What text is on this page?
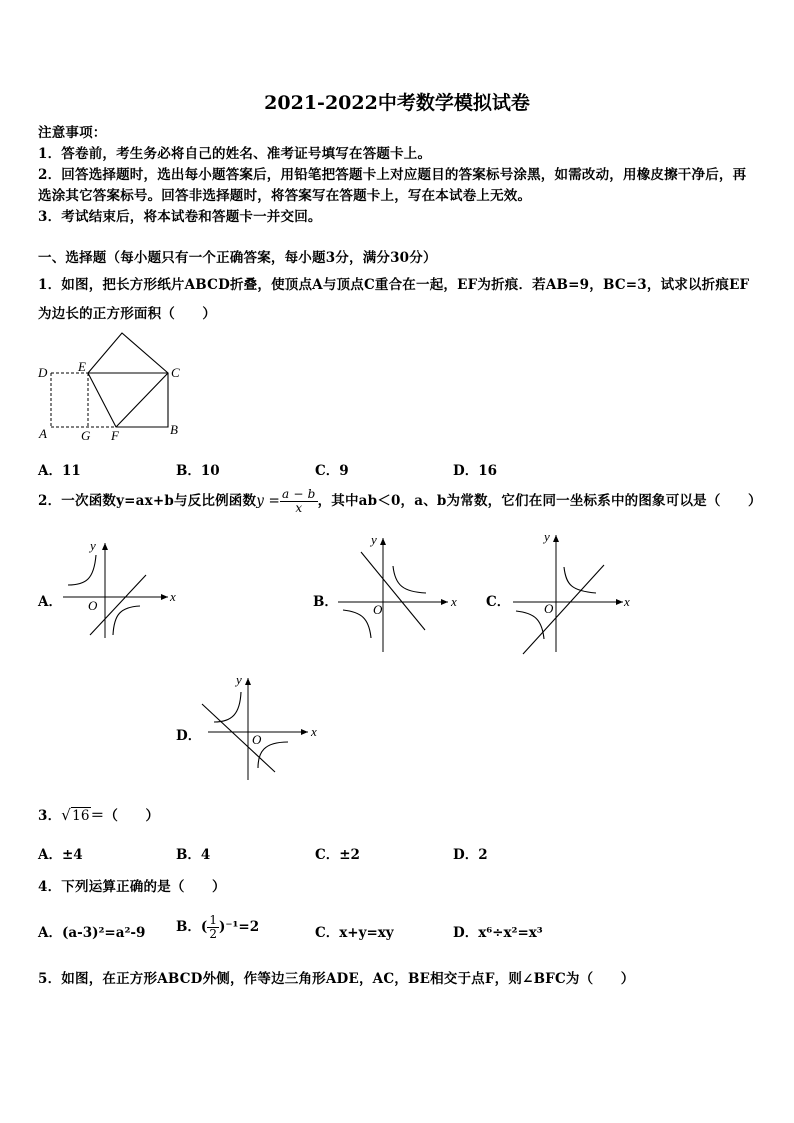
2021-2022中考数学模拟试卷
注意事项：
1．答卷前，考生务必将自己的姓名、准考证号填写在答题卡上。
2．回答选择题时，选出每小题答案后，用铅笔把答题卡上对应题目的答案标号涂黑，如需改动，用橡皮擦干净后，再
选涂其它答案标号。回答非选择题时，将答案写在答题卡上，写在本试卷上无效。
3．考试结束后，将本试卷和答题卡一并交回。
一、选择题（每小题只有一个正确答案，每小题3分，满分30分）
1．如图，把长方形纸片ABCD折叠，使顶点A与顶点C重合在一起，EF为折痕．若AB=9，BC=3，试求以折痕EF
为边长的正方形面积（　　）
D E	C
A	G F	B
A．11	B．10	C．9	D．16
2．一次函数y=ax+b与反比例函数$y = \frac{a - b}{x}$ ，其中ab＜0，a、b为常数，它们在同一坐标系中的图象可以是（　　）
A．	B．	C．
D．
x
y
O	x
y
O
x
y
O
x
y
O
3．√16＝（　　）
A．±4	B．4	C．±2	D．2
4．下列运算正确的是（　　）
A．(a-3)²=a²-9 B．( $\frac{1}{2} )^{-1}=2$	C．x+y=xy	D．x⁶÷x²=x³
5．如图，在正方形ABCD外侧，作等边三角形ADE，AC，BE相交于点F，则∠BFC为（　　）
